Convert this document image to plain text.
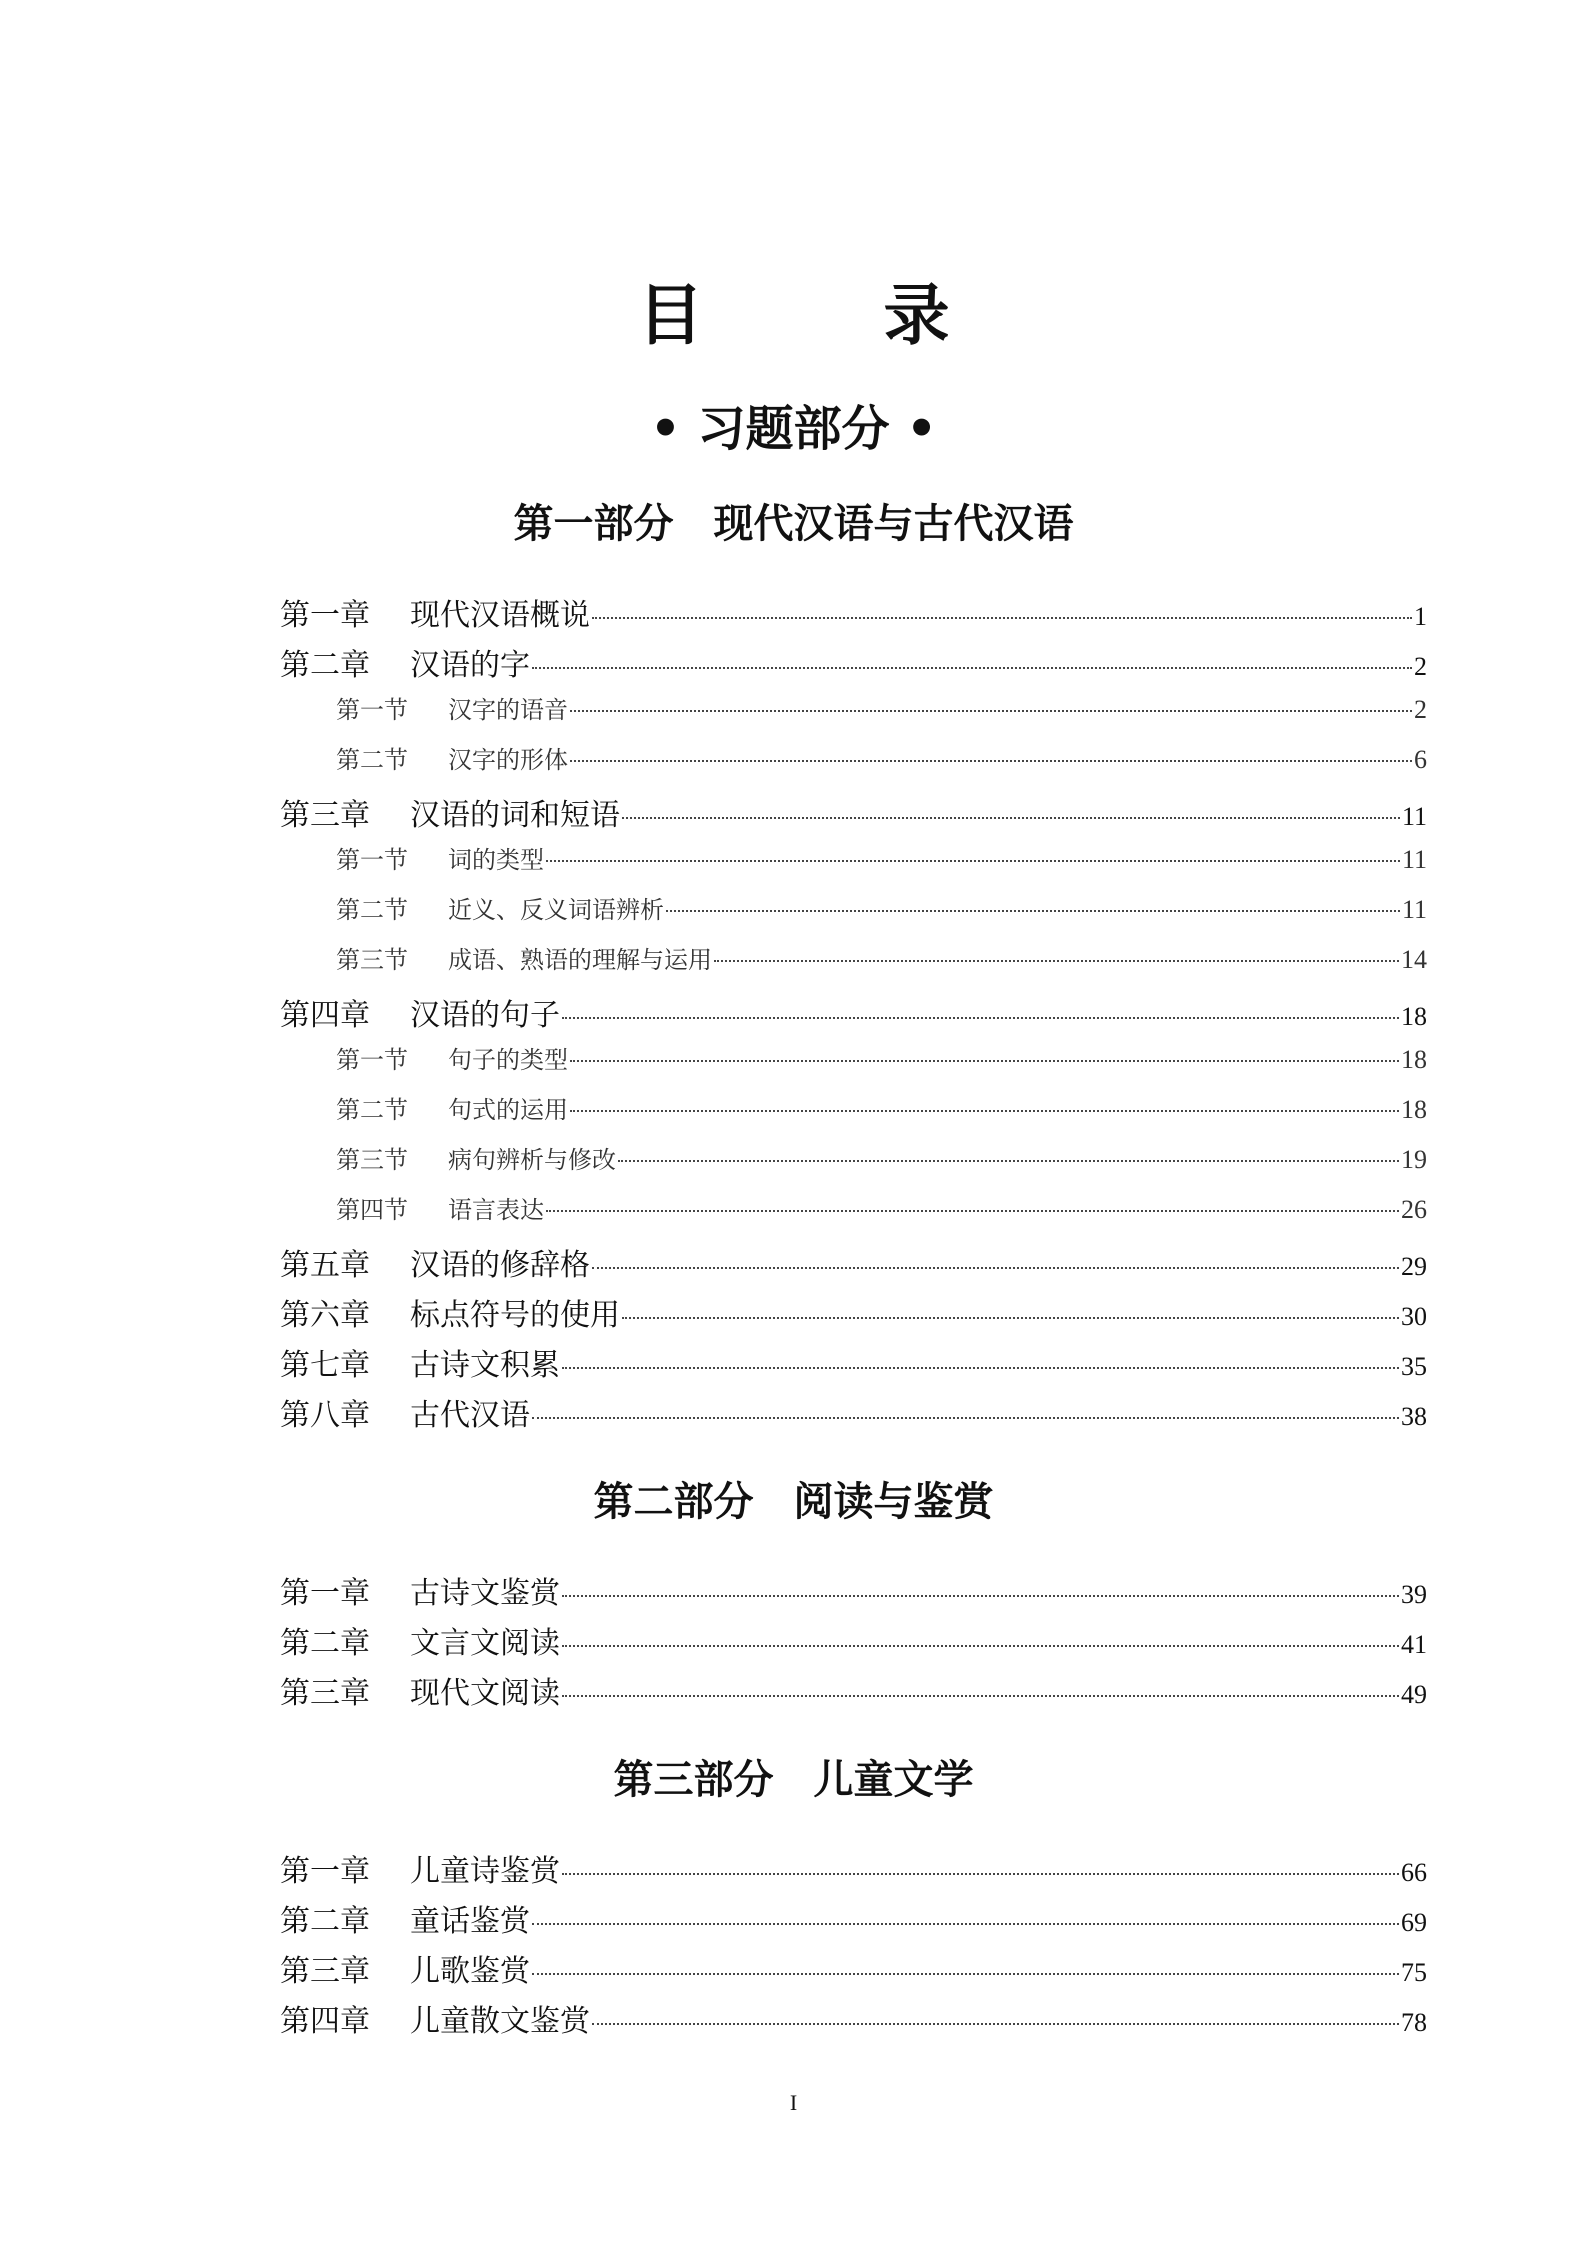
目	录
• 习题部分 •
第一部分 现代汉语与古代汉语
第一章	现代汉语概说	1
第二章	汉语的字	2
第一节	汉字的语音	2
第二节	汉字的形体	6
第三章	汉语的词和短语	11
第一节	词的类型	11
第二节	近义、反义词语辨析	11
第三节	成语、熟语的理解与运用	14
第四章	汉语的句子	18
第一节	句子的类型	18
第二节	句式的运用	18
第三节	病句辨析与修改	19
第四节	语言表达	26
第五章	汉语的修辞格	29
第六章	标点符号的使用	30
第七章	古诗文积累	35
第八章	古代汉语	38
第二部分 阅读与鉴赏
第一章	古诗文鉴赏	39
第二章	文言文阅读	41
第三章	现代文阅读	49
第三部分 儿童文学
第一章	儿童诗鉴赏	66
第二章	童话鉴赏	69
第三章	儿歌鉴赏	75
第四章	儿童散文鉴赏	78
I
